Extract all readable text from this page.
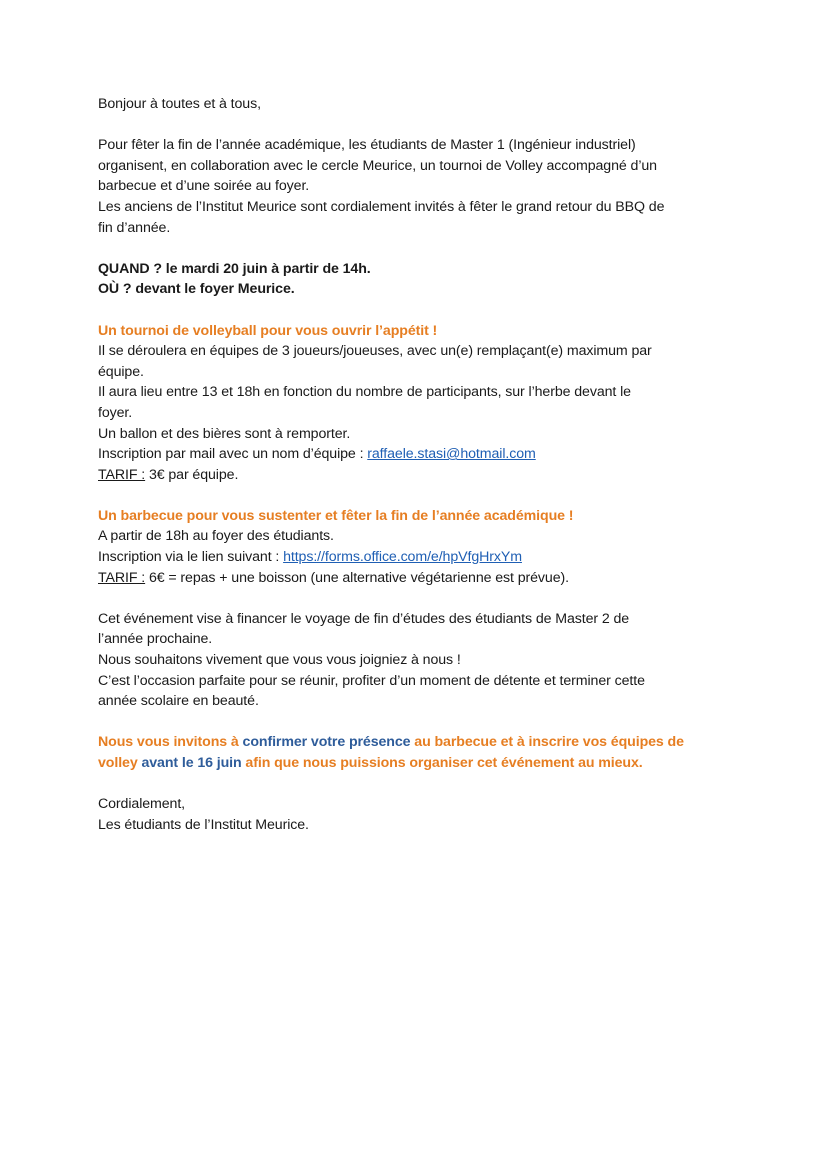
Bonjour à toutes et à tous,

Pour fêter la fin de l’année académique, les étudiants de Master 1 (Ingénieur industriel)

organisent, en collaboration avec le cercle Meurice, un tournoi de Volley accompagné d’un

barbecue et d’une soirée au foyer.

Les anciens de l’Institut Meurice sont cordialement invités à fêter le grand retour du BBQ de

fin d’année.

QUAND ? le mardi 20 juin à partir de 14h.

OÙ ? devant le foyer Meurice.

Un tournoi de volleyball pour vous ouvrir l’appétit !

Il se déroulera en équipes de 3 joueurs/joueuses, avec un(e) remplaçant(e) maximum par

équipe.

Il aura lieu entre 13 et 18h en fonction du nombre de participants, sur l’herbe devant le

foyer.

Un ballon et des bières sont à remporter.

Inscription par mail avec un nom d’équipe : raffaele.stasi@hotmail.com

TARIF : 3€ par équipe.

Un barbecue pour vous sustenter et fêter la fin de l’année académique !

A partir de 18h au foyer des étudiants.

Inscription via le lien suivant : https://forms.office.com/e/hpVfgHrxYm

TARIF : 6€ = repas + une boisson (une alternative végétarienne est prévue).

Cet événement vise à financer le voyage de fin d’études des étudiants de Master 2 de

l’année prochaine.

Nous souhaitons vivement que vous vous joigniez à nous !

C’est l’occasion parfaite pour se réunir, profiter d’un moment de détente et terminer cette

année scolaire en beauté.

Nous vous invitons à confirmer votre présence au barbecue et à inscrire vos équipes de

volley avant le 16 juin afin que nous puissions organiser cet événement au mieux.

Cordialement,

Les étudiants de l’Institut Meurice.
